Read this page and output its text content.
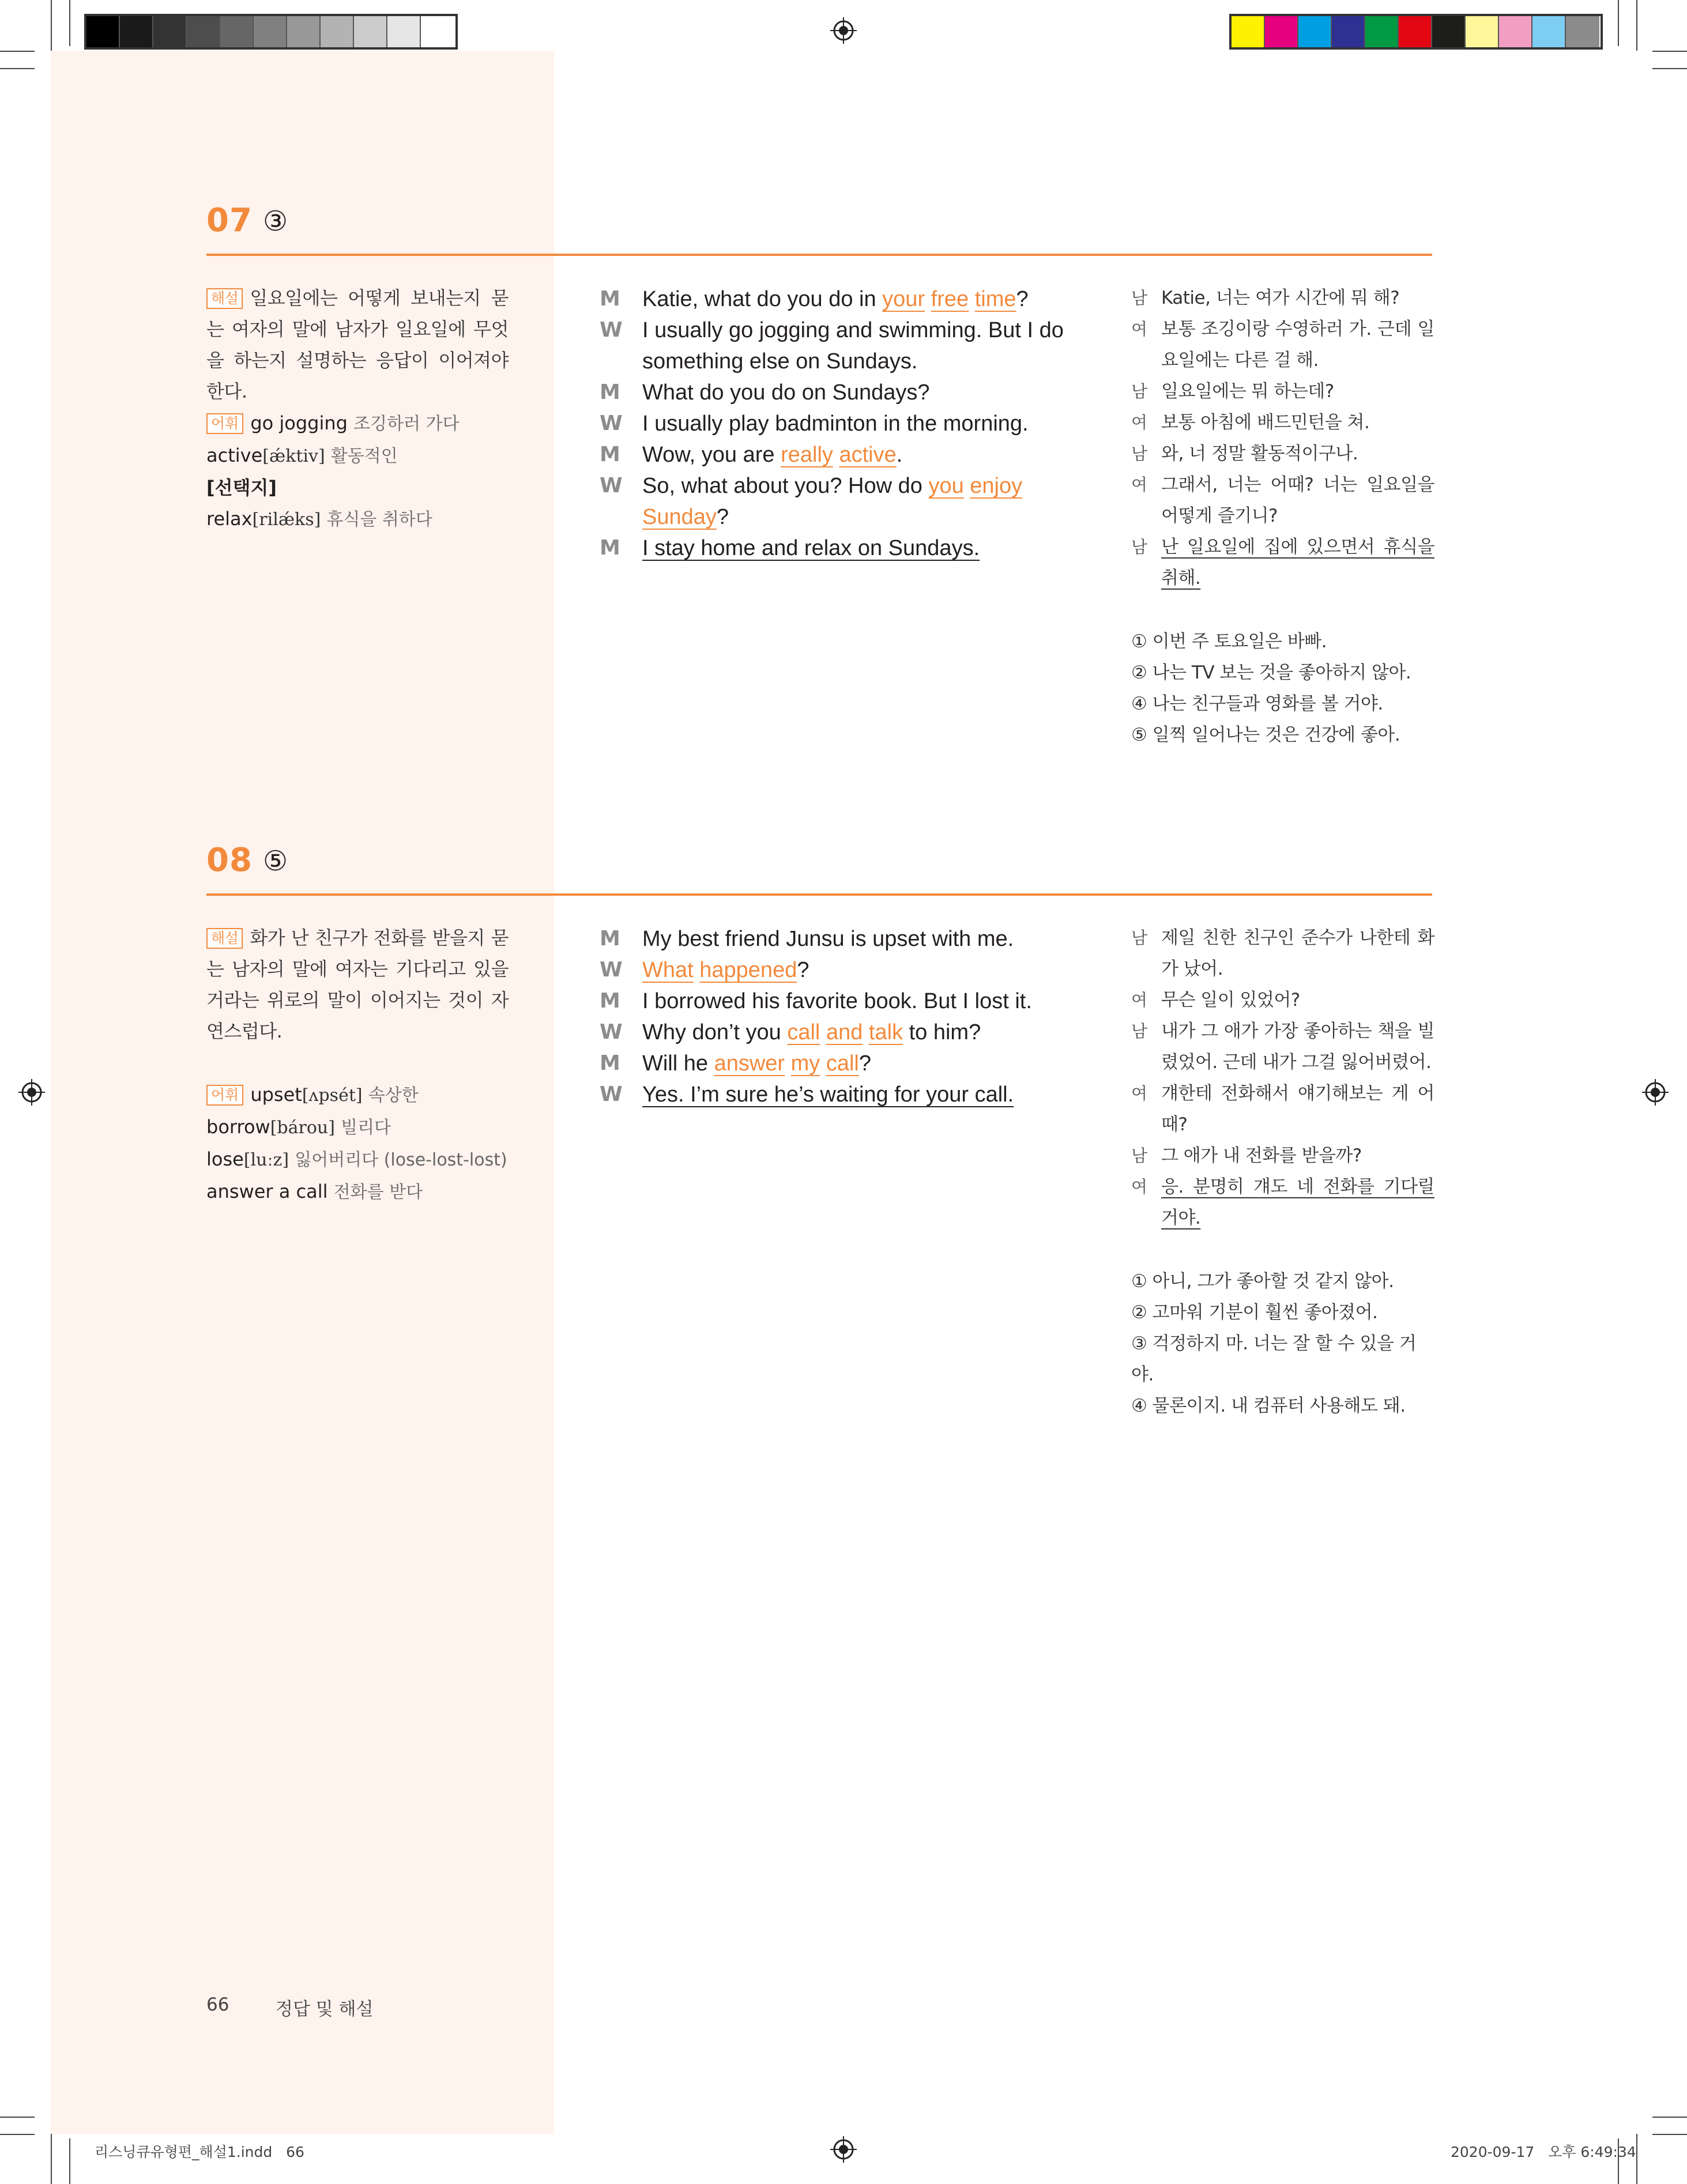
07 ③
해설 일요일에는 어떻게 보내는지 묻는 여자의 말에 남자가 일요일에 무엇을 하는지 설명하는 응답이 이어져야 한다.
어휘 go jogging 조깅하러 가다
active[ǽktiv] 활동적인
[선택지]
relax[rilǽks] 휴식을 취하다
M	Katie, what do you do in your free time?
W I usually go jogging and swimming. But I do something else on Sundays.
M	What do you do on Sundays?
W I usually play badminton in the morning.
M	Wow, you are really active.
W So, what about you? How do you enjoy Sunday?
M	I stay home and relax on Sundays.
남 Katie, 너는 여가 시간에 뭐 해?
여 보통 조깅이랑 수영하러 가. 근데 일요일에는 다른 걸 해.
남 일요일에는 뭐 하는데?
여 보통 아침에 배드민턴을 쳐.
남 와, 너 정말 활동적이구나.
여 그래서, 너는 어때? 너는 일요일을 어떻게 즐기니?
남 난 일요일에 집에 있으면서 휴식을 취해.
① 이번 주 토요일은 바빠.
② 나는 TV 보는 것을 좋아하지 않아.
④ 나는 친구들과 영화를 볼 거야.
⑤ 일찍 일어나는 것은 건강에 좋아.
08 ⑤
해설 화가 난 친구가 전화를 받을지 묻는 남자의 말에 여자는 기다리고 있을 거라는 위로의 말이 이어지는 것이 자연스럽다.
어휘 upset[ʌpsét] 속상한
borrow[bárou] 빌리다
lose[luːz] 잃어버리다 (lose-lost-lost)
answer a call 전화를 받다
M	My best friend Junsu is upset with me.
W What happened?
M	I borrowed his favorite book. But I lost it.
W Why don’t you call and talk to him?
M	Will he answer my call?
W Yes. I’m sure he’s waiting for your call.
남 제일 친한 친구인 준수가 나한테 화가 났어.
여 무슨 일이 있었어?
남 내가 그 애가 가장 좋아하는 책을 빌렸었어. 근데 내가 그걸 잃어버렸어.
여 걔한테 전화해서 얘기해보는 게 어때?
남 그 애가 내 전화를 받을까?
여 응. 분명히 걔도 네 전화를 기다릴 거야.
① 아니, 그가 좋아할 것 같지 않아.
② 고마워 기분이 훨씬 좋아졌어.
③ 걱정하지 마. 너는 잘 할 수 있을 거야.
④ 물론이지. 내 컴퓨터 사용해도 돼.
66	정답 및 해설
리스닝큐유형편_해설1.indd   66	2020-09-17   오후 6:49:34
